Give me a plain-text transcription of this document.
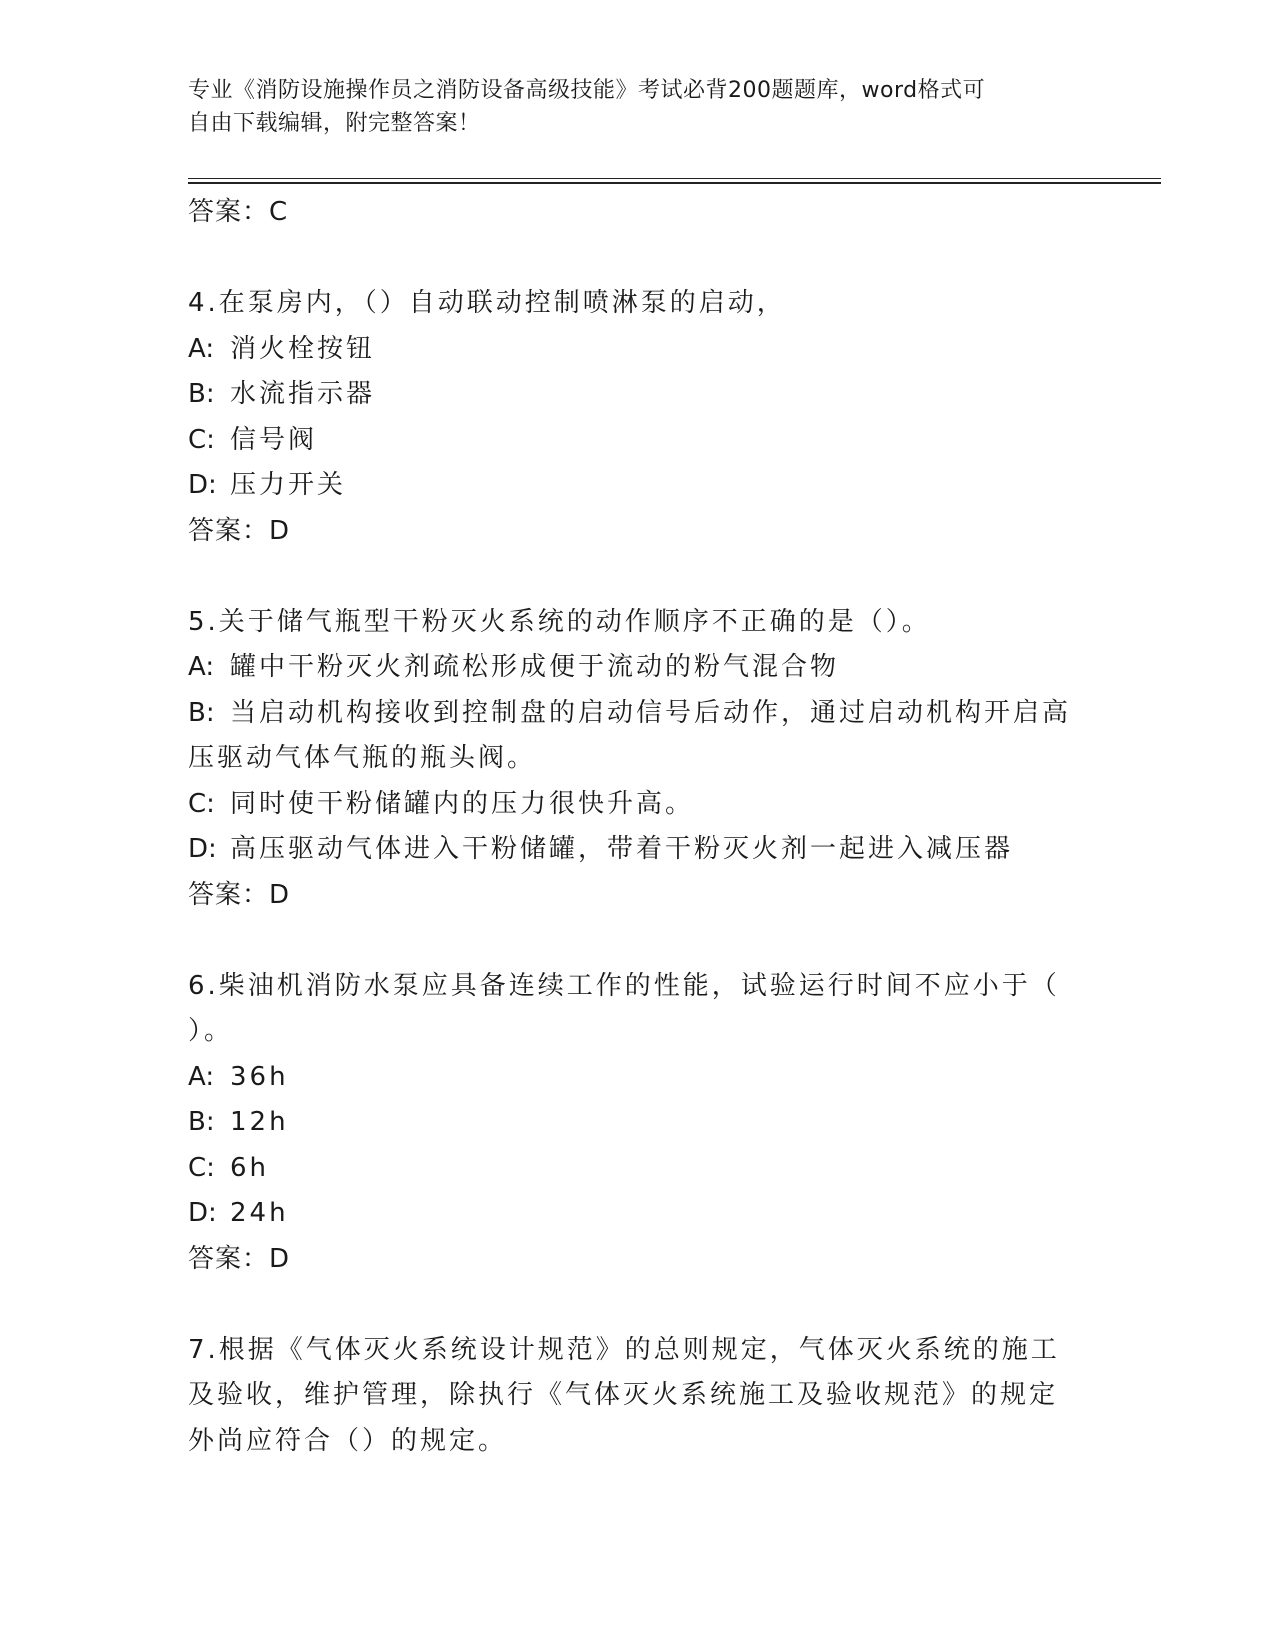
专业《消防设施操作员之消防设备高级技能》考试必背200题题库，word格式可
自由下载编辑，附完整答案！
答案：C
4.在泵房内，（）自动联动控制喷淋泵的启动，
A: 消火栓按钮
B: 水流指示器
C: 信号阀
D: 压力开关
答案：D
5.关于储气瓶型干粉灭火系统的动作顺序不正确的是（）。
A: 罐中干粉灭火剂疏松形成便于流动的粉气混合物
B: 当启动机构接收到控制盘的启动信号后动作，通过启动机构开启高
压驱动气体气瓶的瓶头阀。
C: 同时使干粉储罐内的压力很快升高。
D: 高压驱动气体进入干粉储罐，带着干粉灭火剂一起进入减压器
答案：D
6.柴油机消防水泵应具备连续工作的性能，试验运行时间不应小于（
）。
A: 36h
B: 12h
C: 6h
D: 24h
答案：D
7.根据《气体灭火系统设计规范》的总则规定，气体灭火系统的施工
及验收，维护管理，除执行《气体灭火系统施工及验收规范》的规定
外尚应符合（）的规定。
